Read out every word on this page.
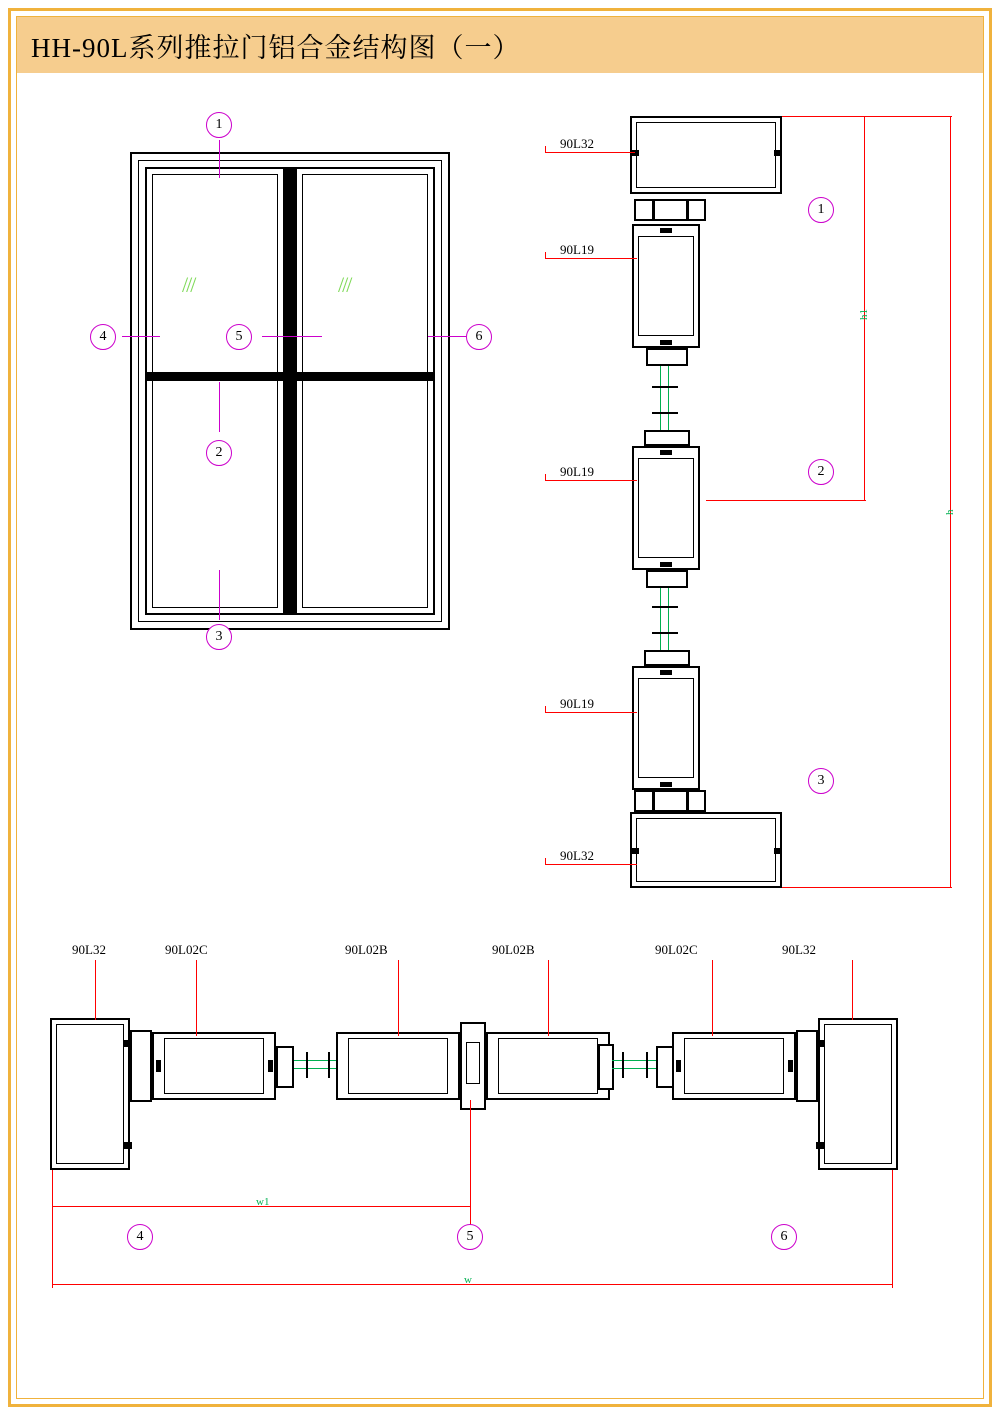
HH-90L系列推拉门铝合金结构图（一）
///	///
1
2
3
4	5	6
90L32
90L19
90L19
90L19
90L32
h1
h
1
2
3
90L32	90L02C	90L02B	90L02B	90L02C	90L32
w1
w
4	5	6
